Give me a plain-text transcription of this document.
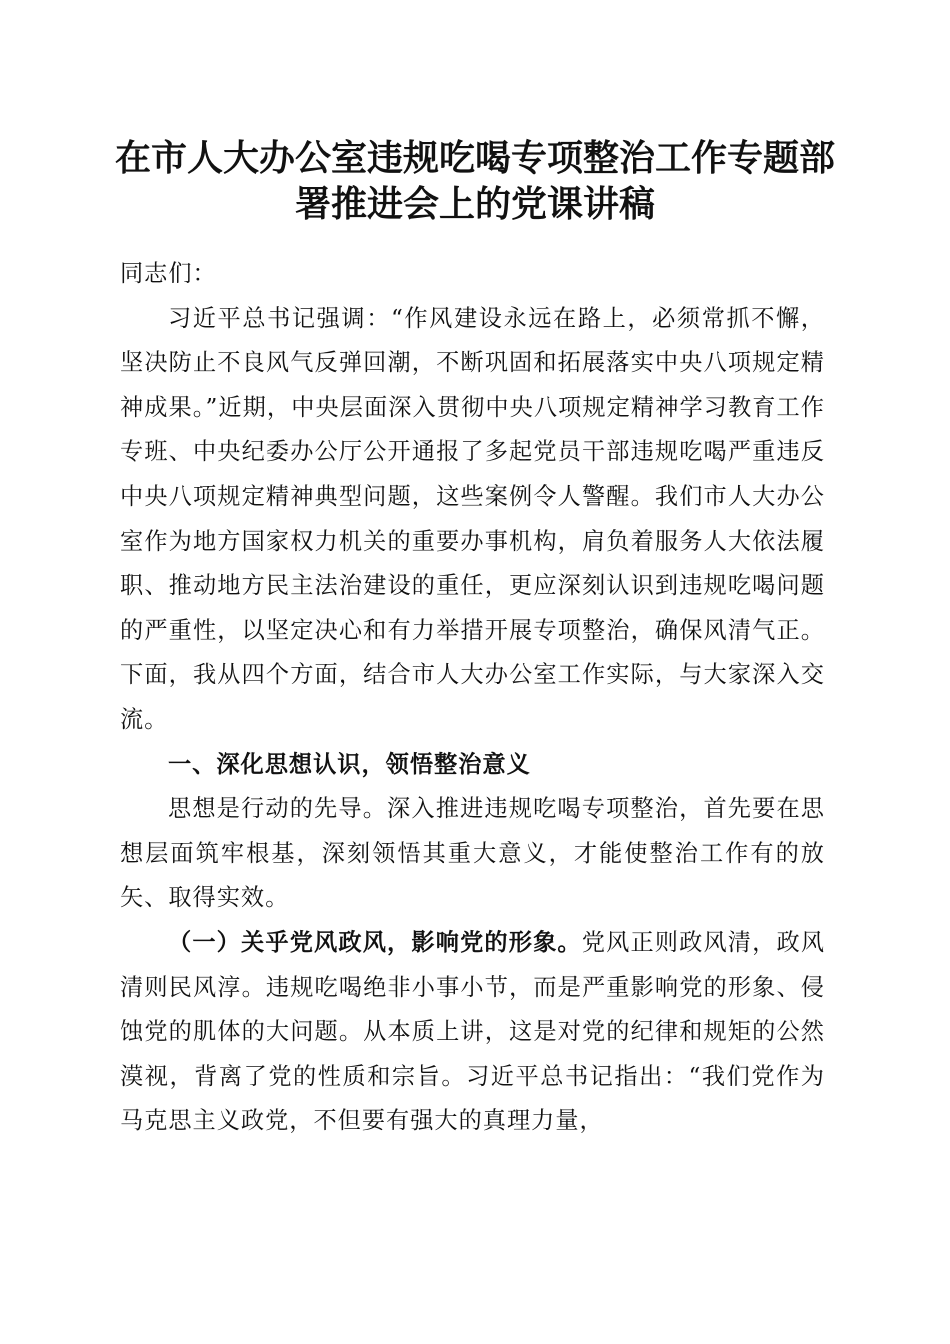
在市人大办公室违规吃喝专项整治工作专题部
署推进会上的党课讲稿

同志们：

习近平总书记强调：“作风建设永远在路上，必须常抓不懈，坚决防止不良风气反弹回潮，不断巩固和拓展落实中央八项规定精神成果。”近期，中央层面深入贯彻中央八项规定精神学习教育工作专班、中央纪委办公厅公开通报了多起党员干部违规吃喝严重违反中央八项规定精神典型问题，这些案例令人警醒。我们市人大办公室作为地方国家权力机关的重要办事机构，肩负着服务人大依法履职、推动地方民主法治建设的重任，更应深刻认识到违规吃喝问题的严重性，以坚定决心和有力举措开展专项整治，确保风清气正。下面，我从四个方面，结合市人大办公室工作实际，与大家深入交流。

一、深化思想认识，领悟整治意义

思想是行动的先导。深入推进违规吃喝专项整治，首先要在思想层面筑牢根基，深刻领悟其重大意义，才能使整治工作有的放矢、取得实效。

（一）关乎党风政风，影响党的形象。党风正则政风清，政风清则民风淳。违规吃喝绝非小事小节，而是严重影响党的形象、侵蚀党的肌体的大问题。从本质上讲，这是对党的纪律和规矩的公然漠视，背离了党的性质和宗旨。习近平总书记指出：“我们党作为马克思主义政党，不但要有强大的真理力量，
